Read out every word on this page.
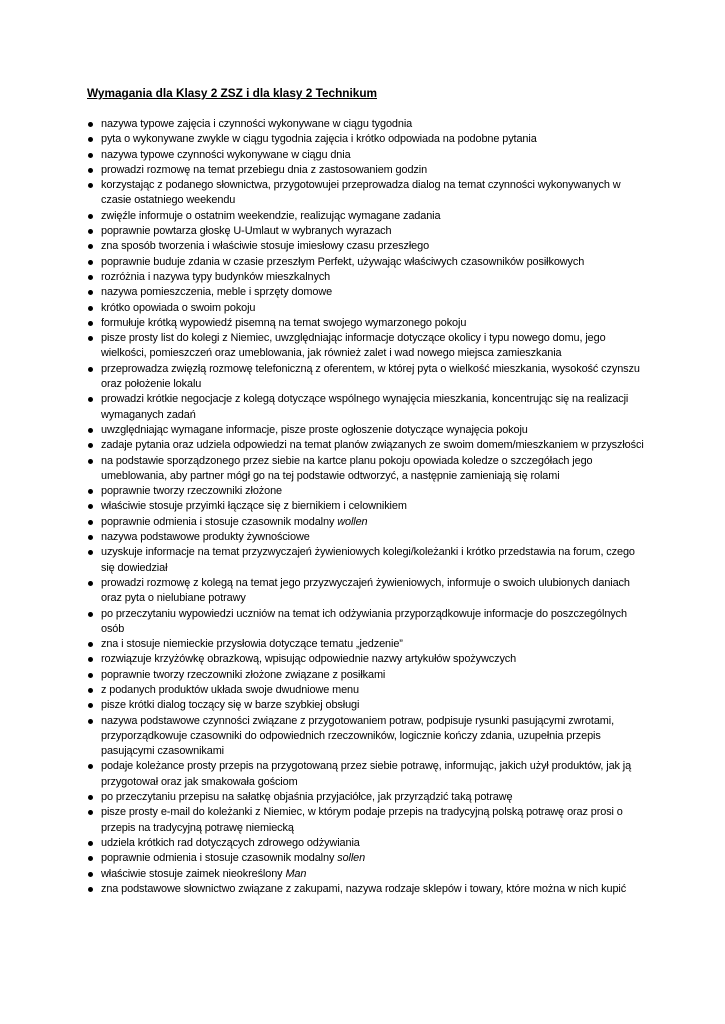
Wymagania dla Klasy 2 ZSZ i dla klasy 2 Technikum

nazywa typowe zajęcia i czynności wykonywane w ciągu tygodnia
pyta o wykonywane zwykle w ciągu tygodnia zajęcia i krótko odpowiada na podobne pytania
nazywa typowe czynności wykonywane w ciągu dnia
prowadzi rozmowę na temat przebiegu dnia z zastosowaniem godzin
korzystając z podanego słownictwa, przygotowujei przeprowadza dialog na temat czynności wykonywanych w czasie ostatniego weekendu
zwięźle informuje o ostatnim weekendzie, realizując wymagane zadania
poprawnie powtarza głoskę U-Umlaut w wybranych wyrazach
zna sposób tworzenia i właściwie stosuje imiesłowy czasu przeszłego
poprawnie buduje zdania w czasie przeszłym Perfekt, używając właściwych czasowników posiłkowych
rozróżnia i nazywa typy budynków mieszkalnych
nazywa pomieszczenia, meble i sprzęty domowe
krótko opowiada o swoim pokoju
formułuje krótką wypowiedź pisemną na temat swojego wymarzonego pokoju
pisze prosty list do kolegi z Niemiec, uwzględniając informacje dotyczące okolicy i typu nowego domu, jego wielkości, pomieszczeń oraz umeblowania, jak również zalet i wad nowego miejsca zamieszkania
przeprowadza zwięzłą rozmowę telefoniczną z oferentem, w której pyta o wielkość mieszkania, wysokość czynszu oraz położenie lokalu
prowadzi krótkie negocjacje z kolegą dotyczące wspólnego wynajęcia mieszkania, koncentrując się na realizacji wymaganych zadań
uwzględniając wymagane informacje, pisze proste ogłoszenie dotyczące wynajęcia pokoju
zadaje pytania oraz udziela odpowiedzi na temat planów związanych ze swoim domem/mieszkaniem w przyszłości
na podstawie sporządzonego przez siebie na kartce planu pokoju opowiada koledze o szczegółach jego umeblowania, aby partner mógł go na tej podstawie odtworzyć, a następnie zamieniają się rolami
poprawnie tworzy rzeczowniki złożone
właściwie stosuje przyimki łączące się z biernikiem i celownikiem
poprawnie odmienia i stosuje czasownik modalny wollen
nazywa podstawowe produkty żywnościowe
uzyskuje informacje na temat przyzwyczajeń żywieniowych kolegi/koleżanki i krótko przedstawia na forum, czego się dowiedział
prowadzi rozmowę z kolegą na temat jego przyzwyczajeń żywieniowych, informuje o swoich ulubionych daniach oraz pyta o nielubiane potrawy
po przeczytaniu wypowiedzi uczniów na temat ich odżywiania przyporządkowuje informacje do poszczególnych osób
zna i stosuje niemieckie przysłowia dotyczące tematu „jedzenie”
rozwiązuje krzyżówkę obrazkową, wpisując odpowiednie nazwy artykułów spożywczych
poprawnie tworzy rzeczowniki złożone związane z posiłkami
z podanych produktów układa swoje dwudniowe menu
pisze krótki dialog toczący się w barze szybkiej obsługi
nazywa podstawowe czynności związane z przygotowaniem potraw, podpisuje rysunki pasującymi zwrotami, przyporządkowuje czasowniki do odpowiednich rzeczowników, logicznie kończy zdania, uzupełnia przepis pasującymi czasownikami
podaje koleżance prosty przepis na przygotowaną przez siebie potrawę, informując, jakich użył produktów, jak ją przygotował oraz jak smakowała gościom
po przeczytaniu przepisu na sałatkę objaśnia przyjaciółce, jak przyrządzić taką potrawę
pisze prosty e-mail do koleżanki z Niemiec, w którym podaje przepis na tradycyjną polską potrawę oraz prosi o przepis na tradycyjną potrawę niemiecką
udziela krótkich rad dotyczących zdrowego odżywiania
poprawnie odmienia i stosuje czasownik modalny sollen
właściwie stosuje zaimek nieokreślony Man
zna podstawowe słownictwo związane z zakupami, nazywa rodzaje sklepów i towary, które można w nich kupić
